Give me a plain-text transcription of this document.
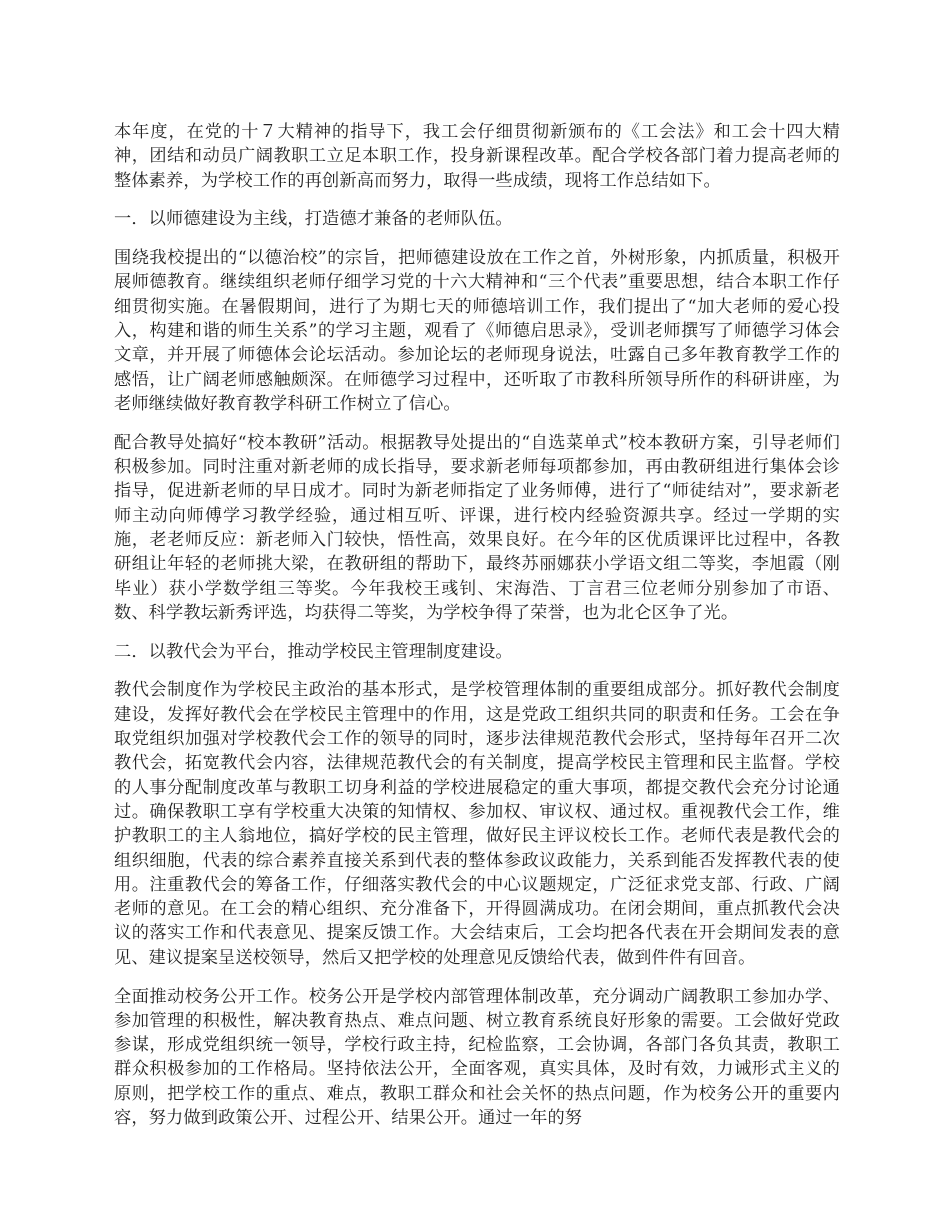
本年度，在党的十７大精神的指导下，我工会仔细贯彻新颁布的《工会法》和工会十四大精神，团结和动员广阔教职工立足本职工作，投身新课程改革。配合学校各部门着力提高老师的整体素养，为学校工作的再创新高而努力，取得一些成绩，现将工作总结如下。

一．以师德建设为主线，打造德才兼备的老师队伍。

围绕我校提出的“以德治校”的宗旨，把师德建设放在工作之首，外树形象，内抓质量，积极开展师德教育。继续组织老师仔细学习党的十六大精神和“三个代表”重要思想，结合本职工作仔细贯彻实施。在暑假期间，进行了为期七天的师德培训工作，我们提出了“加大老师的爱心投入，构建和谐的师生关系”的学习主题，观看了《师德启思录》，受训老师撰写了师德学习体会文章，并开展了师德体会论坛活动。参加论坛的老师现身说法，吐露自己多年教育教学工作的感悟，让广阔老师感触颇深。在师德学习过程中，还听取了市教科所领导所作的科研讲座，为老师继续做好教育教学科研工作树立了信心。

配合教导处搞好“校本教研”活动。根据教导处提出的“自选菜单式”校本教研方案，引导老师们积极参加。同时注重对新老师的成长指导，要求新老师每项都参加，再由教研组进行集体会诊指导，促进新老师的早日成才。同时为新老师指定了业务师傅，进行了“师徒结对”，要求新老师主动向师傅学习教学经验，通过相互听、评课，进行校内经验资源共享。经过一学期的实施，老老师反应：新老师入门较快，悟性高，效果良好。在今年的区优质课评比过程中，各教研组让年轻的老师挑大梁，在教研组的帮助下，最终苏丽娜获小学语文组二等奖，李旭霞（刚毕业）获小学数学组三等奖。今年我校王彧钊、宋海浩、丁言君三位老师分别参加了市语、数、科学教坛新秀评选，均获得二等奖，为学校争得了荣誉，也为北仑区争了光。

二．以教代会为平台，推动学校民主管理制度建设。

教代会制度作为学校民主政治的基本形式，是学校管理体制的重要组成部分。抓好教代会制度建设，发挥好教代会在学校民主管理中的作用，这是党政工组织共同的职责和任务。工会在争取党组织加强对学校教代会工作的领导的同时，逐步法律规范教代会形式，坚持每年召开二次教代会，拓宽教代会内容，法律规范教代会的有关制度，提高学校民主管理和民主监督。学校的人事分配制度改革与教职工切身利益的学校进展稳定的重大事项，都提交教代会充分讨论通过。确保教职工享有学校重大决策的知情权、参加权、审议权、通过权。重视教代会工作，维护教职工的主人翁地位，搞好学校的民主管理，做好民主评议校长工作。老师代表是教代会的组织细胞，代表的综合素养直接关系到代表的整体参政议政能力，关系到能否发挥教代表的使用。注重教代会的筹备工作，仔细落实教代会的中心议题规定，广泛征求党支部、行政、广阔老师的意见。在工会的精心组织、充分准备下，开得圆满成功。在闭会期间，重点抓教代会决议的落实工作和代表意见、提案反馈工作。大会结束后，工会均把各代表在开会期间发表的意见、建议提案呈送校领导，然后又把学校的处理意见反馈给代表，做到件件有回音。

全面推动校务公开工作。校务公开是学校内部管理体制改革，充分调动广阔教职工参加办学、参加管理的积极性，解决教育热点、难点问题、树立教育系统良好形象的需要。工会做好党政参谋，形成党组织统一领导，学校行政主持，纪检监察，工会协调，各部门各负其责，教职工群众积极参加的工作格局。坚持依法公开，全面客观，真实具体，及时有效，力诫形式主义的原则，把学校工作的重点、难点，教职工群众和社会关怀的热点问题，作为校务公开的重要内容，努力做到政策公开、过程公开、结果公开。通过一年的努
